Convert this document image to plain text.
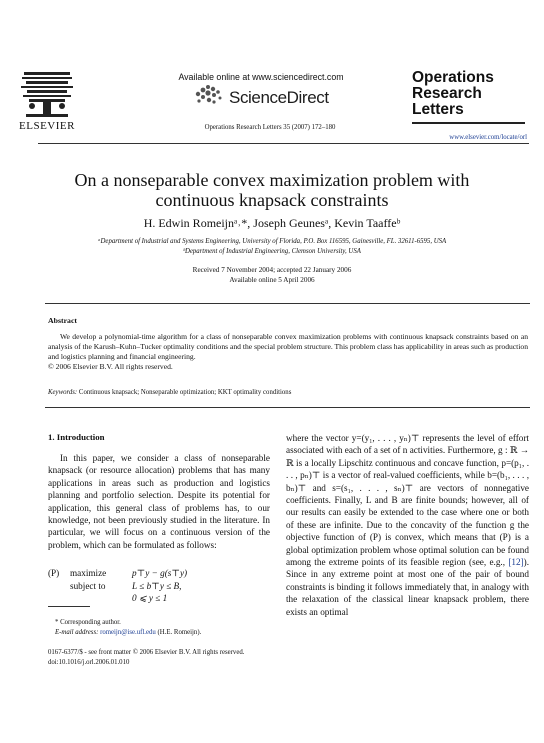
ELSEVIER
Available online at www.sciencedirect.com
ScienceDirect
Operations Research Letters 35 (2007) 172–180
Operations
Research
Letters
www.elsevier.com/locate/orl
On a nonseparable convex maximization problem with
continuous knapsack constraints
H. Edwin Romeijnᵃ˒*, Joseph Geunesᵃ, Kevin Taaffeᵇ
ᵃDepartment of Industrial and Systems Engineering, University of Florida, P.O. Box 116595, Gainesville, FL. 32611-6595, USA
ᵇDepartment of Industrial Engineering, Clemson University, USA
Received 7 November 2004; accepted 22 January 2006
Available online 5 April 2006
Abstract
We develop a polynomial-time algorithm for a class of nonseparable convex maximization problems with continuous knapsack constraints based on an analysis of the Karush–Kuhn–Tucker optimality conditions and the special problem structure. This problem class has applicability in areas such as production and logistics planning and financial engineering.
© 2006 Elsevier B.V. All rights reserved.
Keywords: Continuous knapsack; Nonseparable optimization; KKT optimality conditions
1. Introduction

In this paper, we consider a class of nonseparable knapsack (or resource allocation) problems that has many applications in areas such as production and logistics planning and portfolio selection. Despite its potential for application, this general class of problems has, to our knowledge, not been previously studied in the literature. In particular, we will focus on a continuous version of the problem, which can be formulated as follows:

(P) maximize	p⊤y − g(s⊤y)
subject to	L ≤ b⊤y ≤ B,
0 ⩽ y ≤ 1

where the vector y=(y₁, . . . , yₙ)⊤ represents the level of effort associated with each of a set of n activities. Furthermore, g : ℝ → ℝ is a locally Lipschitz continuous and concave function, p=(p₁, . . . , pₙ)⊤ is a vector of real-valued coefficients, while b=(b₁, . . . , bₙ)⊤ and s=(s₁, . . . , sₙ)⊤ are vectors of nonnegative coefficients. Finally, L and B are finite bounds; however, all of our results can easily be extended to the case where one or both of these are infinite. Due to the concavity of the function g the objective function of (P) is convex, which means that (P) is a global optimization problem whose optimal solution can be found among the extreme points of its feasible region (see, e.g., [12]). Since in any extreme point at most one of the pair of bound constraints is binding it follows immediately that, in analogy with the relaxation of the classical linear knapsack problem, there exists an optimal

* Corresponding author.
E-mail address: romeijn@ise.ufl.edu (H.E. Romeijn).
0167-6377/$ - see front matter © 2006 Elsevier B.V. All rights reserved.
doi:10.1016/j.orl.2006.01.010
